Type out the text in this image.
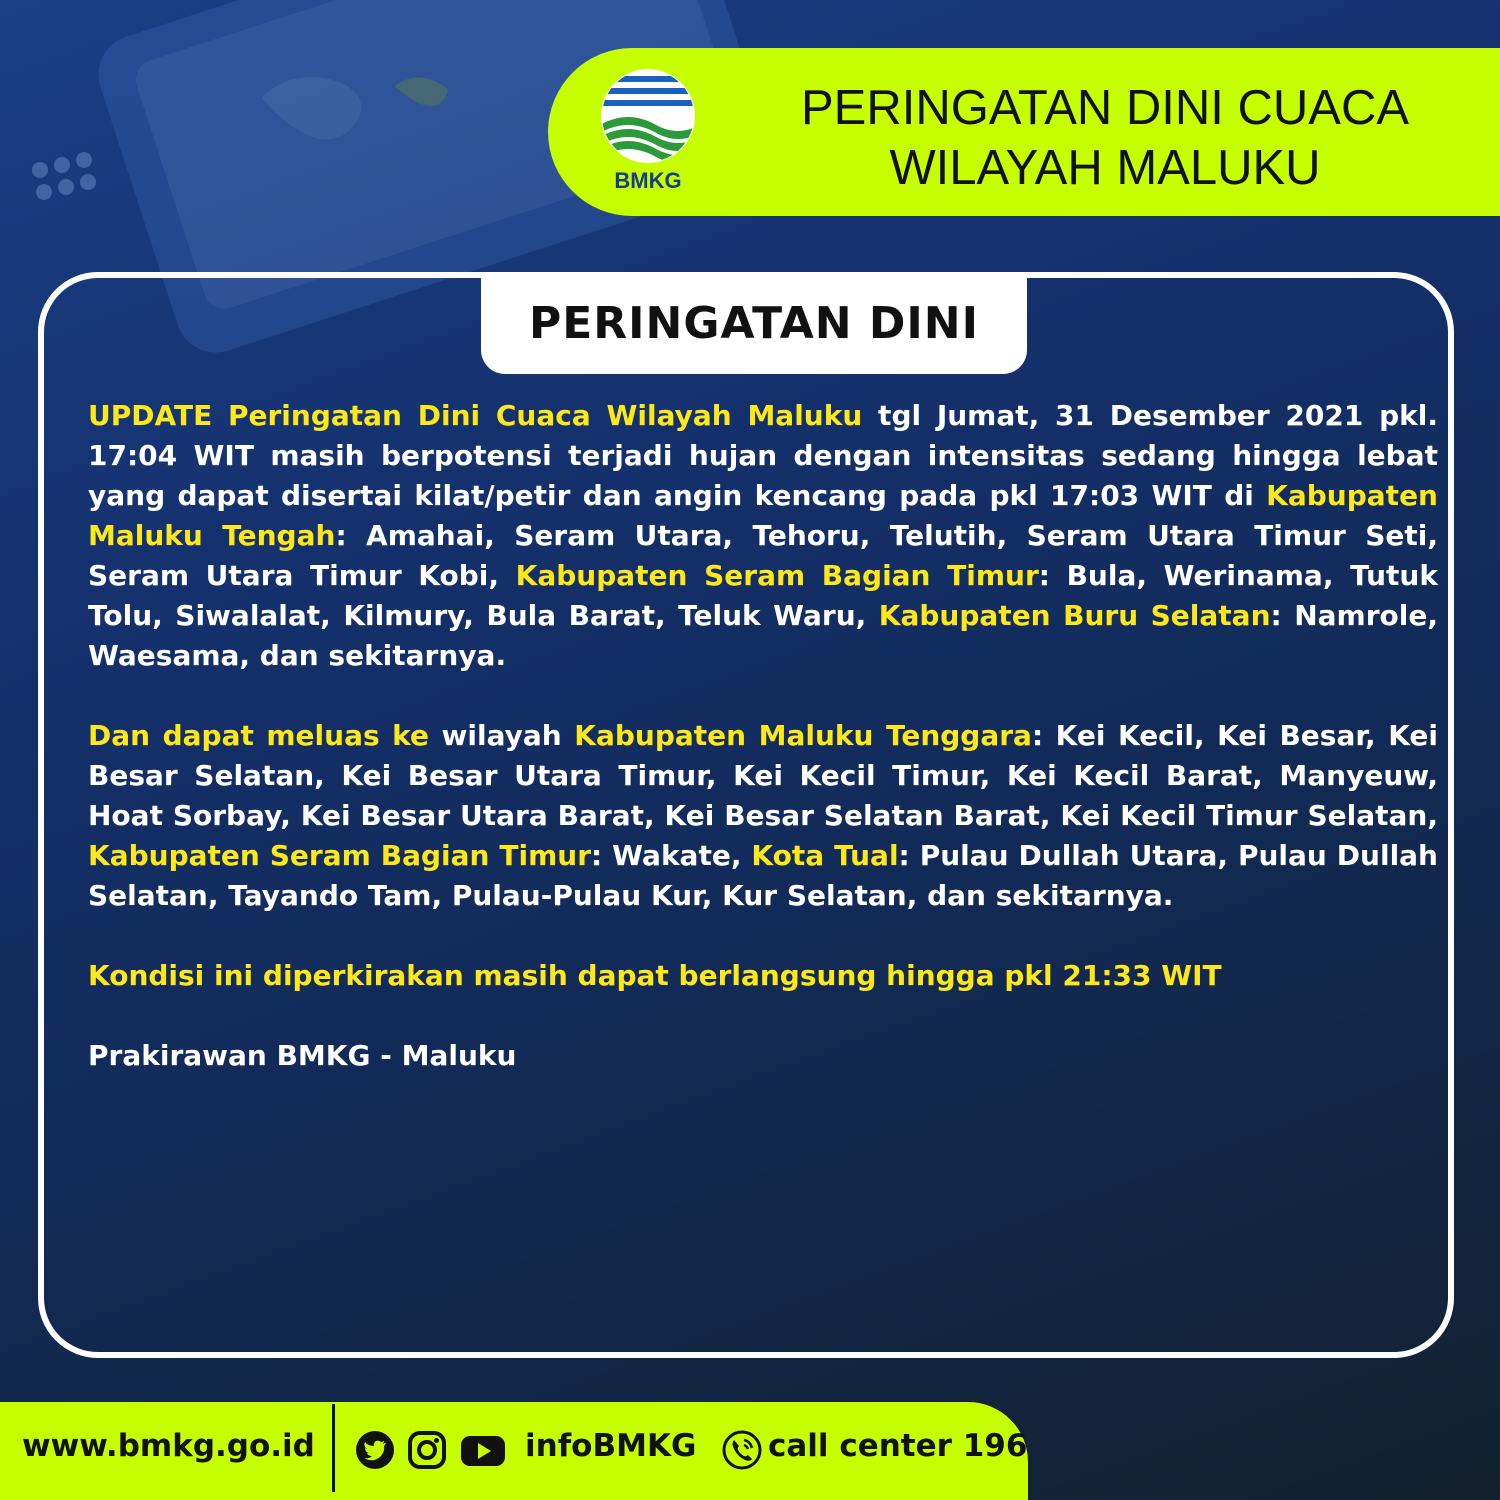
BMKG
PERINGATAN DINI CUACA
WILAYAH MALUKU
PERINGATAN DINI

UPDATE Peringatan Dini Cuaca Wilayah Maluku tgl Jumat, 31 Desember 2021 pkl. 17:04 WIT masih berpotensi terjadi hujan dengan intensitas sedang hingga lebat yang dapat disertai kilat/petir dan angin kencang pada pkl 17:03 WIT di Kabupaten Maluku Tengah: Amahai, Seram Utara, Tehoru, Telutih, Seram Utara Timur Seti, Seram Utara Timur Kobi, Kabupaten Seram Bagian Timur: Bula, Werinama, Tutuk Tolu, Siwalalat, Kilmury, Bula Barat, Teluk Waru, Kabupaten Buru Selatan: Namrole, Waesama, dan sekitarnya.

Dan dapat meluas ke wilayah Kabupaten Maluku Tenggara: Kei Kecil, Kei Besar, Kei Besar Selatan, Kei Besar Utara Timur, Kei Kecil Timur, Kei Kecil Barat, Manyeuw, Hoat Sorbay, Kei Besar Utara Barat, Kei Besar Selatan Barat, Kei Kecil Timur Selatan, Kabupaten Seram Bagian Timur: Wakate, Kota Tual: Pulau Dullah Utara, Pulau Dullah Selatan, Tayando Tam, Pulau-Pulau Kur, Kur Selatan, dan sekitarnya.

Kondisi ini diperkirakan masih dapat berlangsung hingga pkl 21:33 WIT

Prakirawan BMKG - Maluku

www.bmkg.go.id	infoBMKG call center 196
